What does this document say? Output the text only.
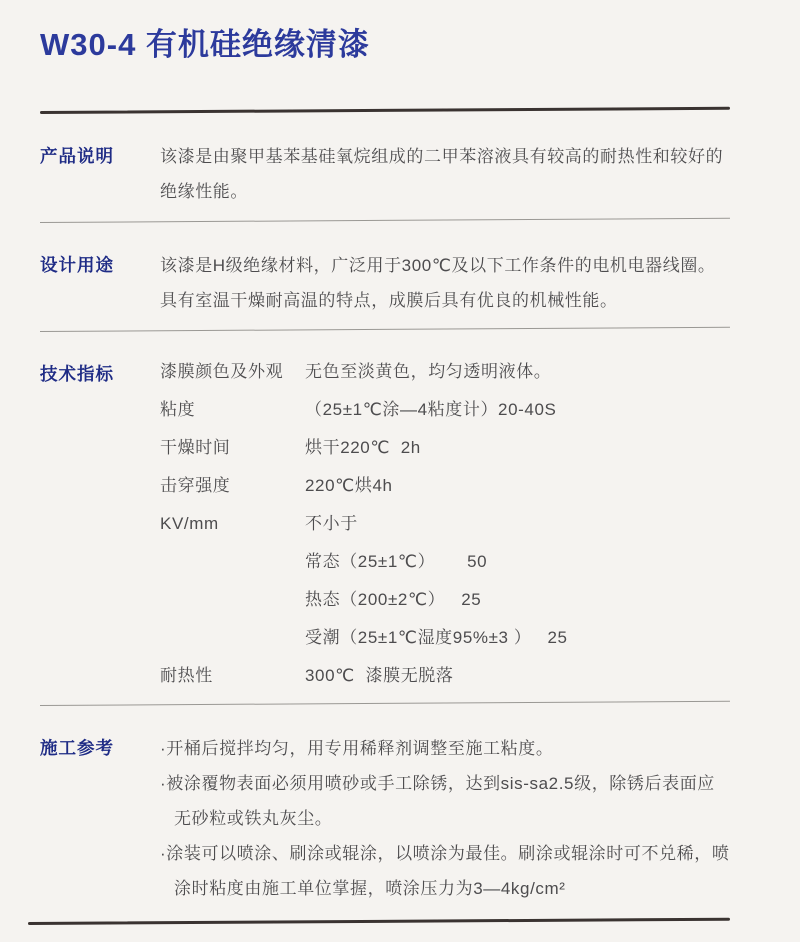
W30-4 有机硅绝缘清漆
产品说明	该漆是由聚甲基苯基硅氧烷组成的二甲苯溶液具有较高的耐热性和较好的绝缘性能。

设计用途	该漆是H级绝缘材料，广泛用于300℃及以下工作条件的电机电器线圈。具有室温干燥耐高温的特点，成膜后具有优良的机械性能。

技术指标	漆膜颜色及外观	无色至淡黄色，均匀透明液体。
粘度	（25±1℃涂—4粘度计）20-40S
干燥时间	烘干220℃  2h
击穿强度	220℃烘4h
KV/mm	不小于
常态（25±1℃）      50
热态（200±2℃）   25
受潮（25±1℃湿度95%±3 ）   25
耐热性	300℃  漆膜无脱落
施工参考	·开桶后搅拌均匀，用专用稀释剂调整至施工粘度。

·被涂覆物表面必须用喷砂或手工除锈，达到sis-sa2.5级，除锈后表面应无砂粒或铁丸灰尘。

·涂装可以喷涂、刷涂或辊涂，以喷涂为最佳。刷涂或辊涂时可不兑稀，喷涂时粘度由施工单位掌握，喷涂压力为3—4kg/cm²
